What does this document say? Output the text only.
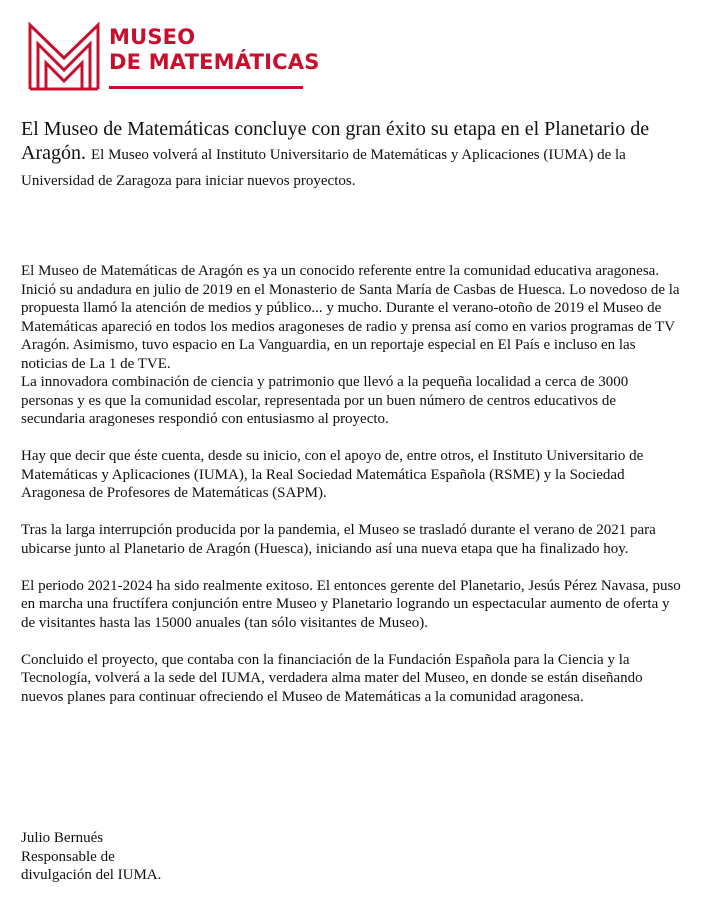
MUSEO
DE MATEMÁTICAS
El Museo de Matemáticas concluye con gran éxito su etapa en el Planetario de Aragón. El Museo volverá al Instituto Universitario de Matemáticas y Aplicaciones (IUMA) de la Universidad de Zaragoza para iniciar nuevos proyectos.

El Museo de Matemáticas de Aragón es ya un conocido referente entre la comunidad educativa aragonesa. Inició su andadura en julio de 2019 en el Monasterio de Santa María de Casbas de Huesca. Lo novedoso de la propuesta llamó la atención de medios y público... y mucho. Durante el verano-otoño de 2019 el Museo de Matemáticas apareció en todos los medios aragoneses de radio y prensa así como en varios programas de TV Aragón. Asimismo, tuvo espacio en La Vanguardia, en un reportaje especial en El País e incluso en las noticias de La 1 de TVE.
La innovadora combinación de ciencia y patrimonio que llevó a la pequeña localidad a cerca de 3000 personas y es que la comunidad escolar, representada por un buen número de centros educativos de secundaria aragoneses respondió con entusiasmo al proyecto.

Hay que decir que éste cuenta, desde su inicio, con el apoyo de, entre otros, el Instituto Universitario de Matemáticas y Aplicaciones (IUMA), la Real Sociedad Matemática Española (RSME) y la Sociedad Aragonesa de Profesores de Matemáticas (SAPM).

Tras la larga interrupción producida por la pandemia, el Museo se trasladó durante el verano de 2021 para ubicarse junto al Planetario de Aragón (Huesca), iniciando así una nueva etapa que ha finalizado hoy.

El periodo 2021-2024 ha sido realmente exitoso. El entonces gerente del Planetario, Jesús Pérez Navasa, puso en marcha una fructífera conjunción entre Museo y Planetario logrando un espectacular aumento de oferta y de visitantes hasta las 15000 anuales (tan sólo visitantes de Museo).

Concluido el proyecto, que contaba con la financiación de la Fundación Española para la Ciencia y la Tecnología, volverá a la sede del IUMA, verdadera alma mater del Museo, en donde se están diseñando nuevos planes para continuar ofreciendo el Museo de Matemáticas a la comunidad aragonesa.

Julio Bernués
Responsable de
divulgación del IUMA.
